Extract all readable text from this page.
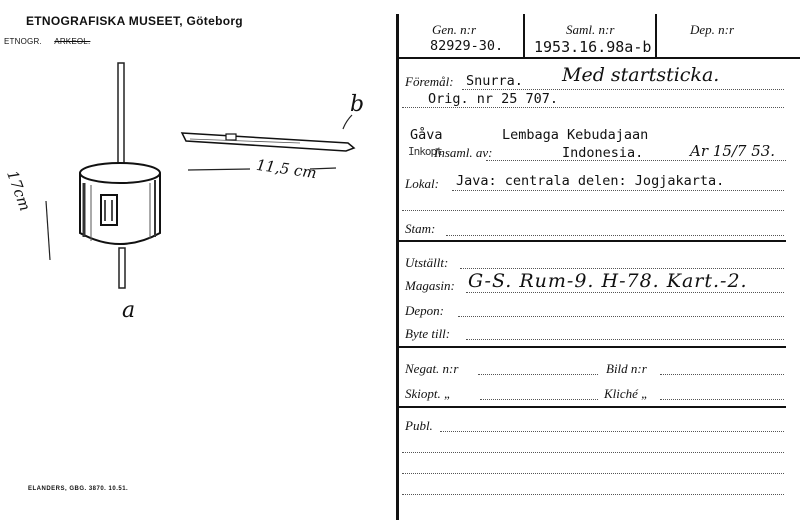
ETNOGRAFISKA MUSEET, Göteborg
ETNOGR. ARKEOL.
17cm
b
11,5 cm
a
ELANDERS, GBG. 3870. 10.51.
Gen. n:r
82929-30.
Saml. n:r
1953.16.98a-b.
Dep. n:r
Föremål: Snurra. Med startsticka.
Orig. nr 25 707.
Gåva	Lembaga Kebudajaan
Inkopt
Insaml. av:	Indonesia.	Ar 15/7 53.
Lokal: Java: centrala delen: Jogjakarta.
Stam:
Utställt:
Magasin: G-S. Rum-9. H-78. Kart.-2.
Depon:
Byte till:
Negat. n:r	Bild n:r
Skiopt. „	Kliché „
Publ.
